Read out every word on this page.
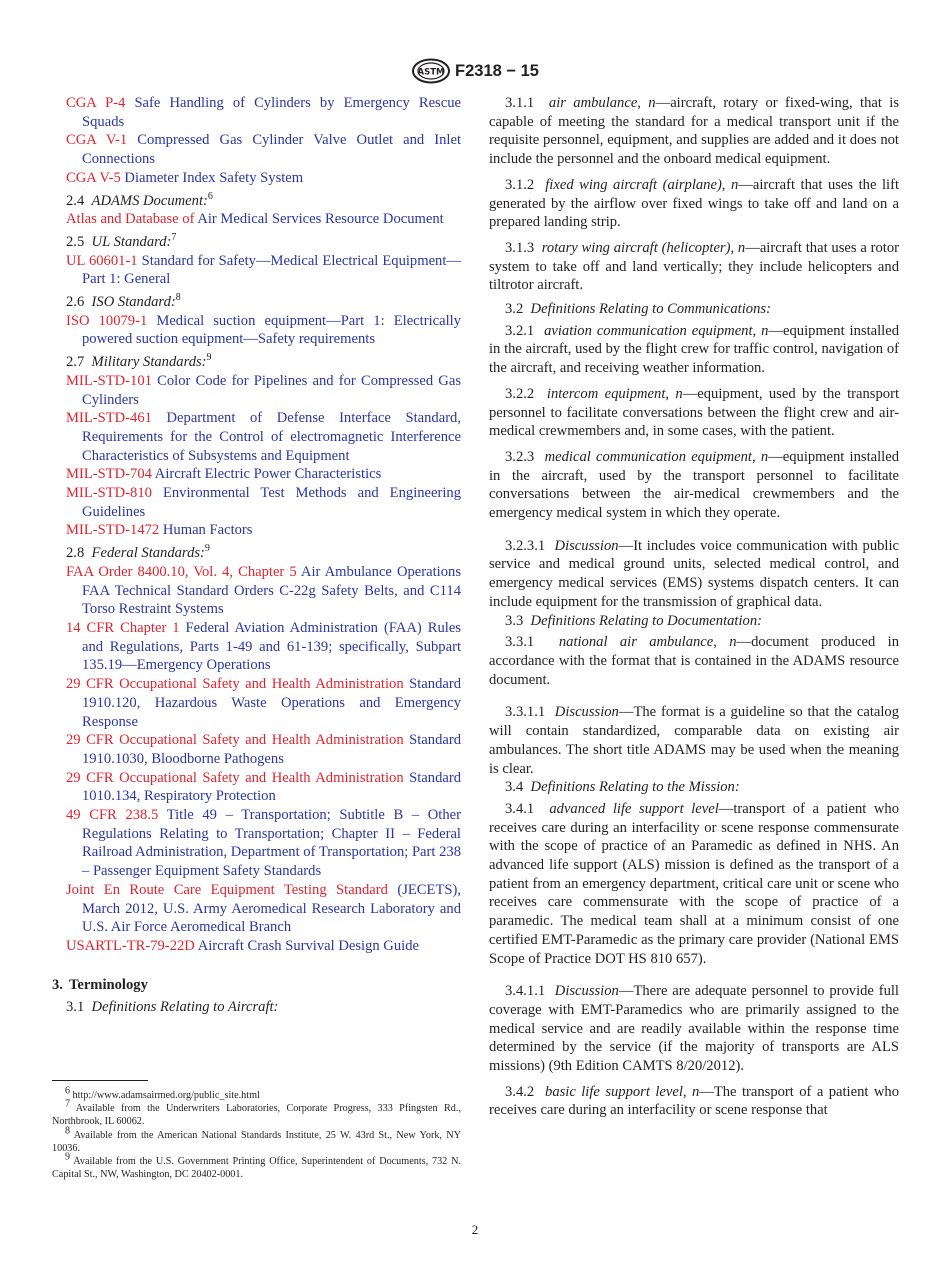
ASTM F2318 − 15

CGA P-4 Safe Handling of Cylinders by Emergency Rescue Squads

CGA V-1 Compressed Gas Cylinder Valve Outlet and Inlet Connections

CGA V-5 Diameter Index Safety System

2.4 ADAMS Document:$^6$

Atlas and Database of Air Medical Services Resource Document

2.5 UL Standard:$^7$

UL 60601-1 Standard for Safety—Medical Electrical Equipment—Part 1: General

2.6 ISO Standard:$^8$

ISO 10079-1 Medical suction equipment—Part 1: Electrically powered suction equipment—Safety requirements

2.7 Military Standards:$^9$

MIL-STD-101 Color Code for Pipelines and for Compressed Gas Cylinders

MIL-STD-461 Department of Defense Interface Standard, Requirements for the Control of electromagnetic Interference Characteristics of Subsystems and Equipment

MIL-STD-704 Aircraft Electric Power Characteristics

MIL-STD-810 Environmental Test Methods and Engineering Guidelines

MIL-STD-1472 Human Factors

2.8 Federal Standards:$^9$

FAA Order 8400.10, Vol. 4, Chapter 5 Air Ambulance Operations FAA Technical Standard Orders C-22g Safety Belts, and C114 Torso Restraint Systems

14 CFR Chapter 1 Federal Aviation Administration (FAA) Rules and Regulations, Parts 1-49 and 61-139; specifically, Subpart 135.19—Emergency Operations

29 CFR Occupational Safety and Health Administration Standard 1910.120, Hazardous Waste Operations and Emergency Response

29 CFR Occupational Safety and Health Administration Standard 1910.1030, Bloodborne Pathogens

29 CFR Occupational Safety and Health Administration Standard 1010.134, Respiratory Protection

49 CFR 238.5 Title 49 – Transportation; Subtitle B – Other Regulations Relating to Transportation; Chapter II – Federal Railroad Administration, Department of Transportation; Part 238 – Passenger Equipment Safety Standards

Joint En Route Care Equipment Testing Standard (JECETS), March 2012, U.S. Army Aeromedical Research Laboratory and U.S. Air Force Aeromedical Branch

USARTL-TR-79-22D Aircraft Crash Survival Design Guide

3. Terminology

3.1 Definitions Relating to Aircraft:

$^6$ http://www.adamsairmed.org/public_site.html

$^7$ Available from the Underwriters Laboratories, Corporate Progress, 333 Pfingsten Rd., Northbrook, IL 60062.

$^8$ Available from the American National Standards Institute, 25 W. 43rd St., New York, NY 10036.

$^9$ Available from the U.S. Government Printing Office, Superintendent of Documents, 732 N. Capital St., NW, Washington, DC 20402-0001.

3.1.1 air ambulance, n—aircraft, rotary or fixed-wing, that is capable of meeting the standard for a medical transport unit if the requisite personnel, equipment, and supplies are added and it does not include the personnel and the onboard medical equipment.

3.1.2 fixed wing aircraft (airplane), n—aircraft that uses the lift generated by the airflow over fixed wings to take off and land on a prepared landing strip.

3.1.3 rotary wing aircraft (helicopter), n—aircraft that uses a rotor system to take off and land vertically; they include helicopters and tiltrotor aircraft.

3.2 Definitions Relating to Communications:

3.2.1 aviation communication equipment, n—equipment installed in the aircraft, used by the flight crew for traffic control, navigation of the aircraft, and receiving weather information.

3.2.2 intercom equipment, n—equipment, used by the transport personnel to facilitate conversations between the flight crew and air-medical crewmembers and, in some cases, with the patient.

3.2.3 medical communication equipment, n—equipment installed in the aircraft, used by the transport personnel to facilitate conversations between the air-medical crewmembers and the emergency medical system in which they operate.

3.2.3.1 Discussion—It includes voice communication with public service and medical ground units, selected medical control, and emergency medical services (EMS) systems dispatch centers. It can include equipment for the transmission of graphical data.

3.3 Definitions Relating to Documentation:

3.3.1 national air ambulance, n—document produced in accordance with the format that is contained in the ADAMS resource document.

3.3.1.1 Discussion—The format is a guideline so that the catalog will contain standardized, comparable data on existing air ambulances. The short title ADAMS may be used when the meaning is clear.

3.4 Definitions Relating to the Mission:

3.4.1 advanced life support level—transport of a patient who receives care during an interfacility or scene response commensurate with the scope of practice of an Paramedic as defined in NHS. An advanced life support (ALS) mission is defined as the transport of a patient from an emergency department, critical care unit or scene who receives care commensurate with the scope of practice of a paramedic. The medical team shall at a minimum consist of one certified EMT-Paramedic as the primary care provider (National EMS Scope of Practice DOT HS 810 657).

3.4.1.1 Discussion—There are adequate personnel to provide full coverage with EMT-Paramedics who are primarily assigned to the medical service and are readily available within the response time determined by the service (if the majority of transports are ALS missions) (9th Edition CAMTS 8/20/2012).

3.4.2 basic life support level, n—The transport of a patient who receives care during an interfacility or scene response that

2
